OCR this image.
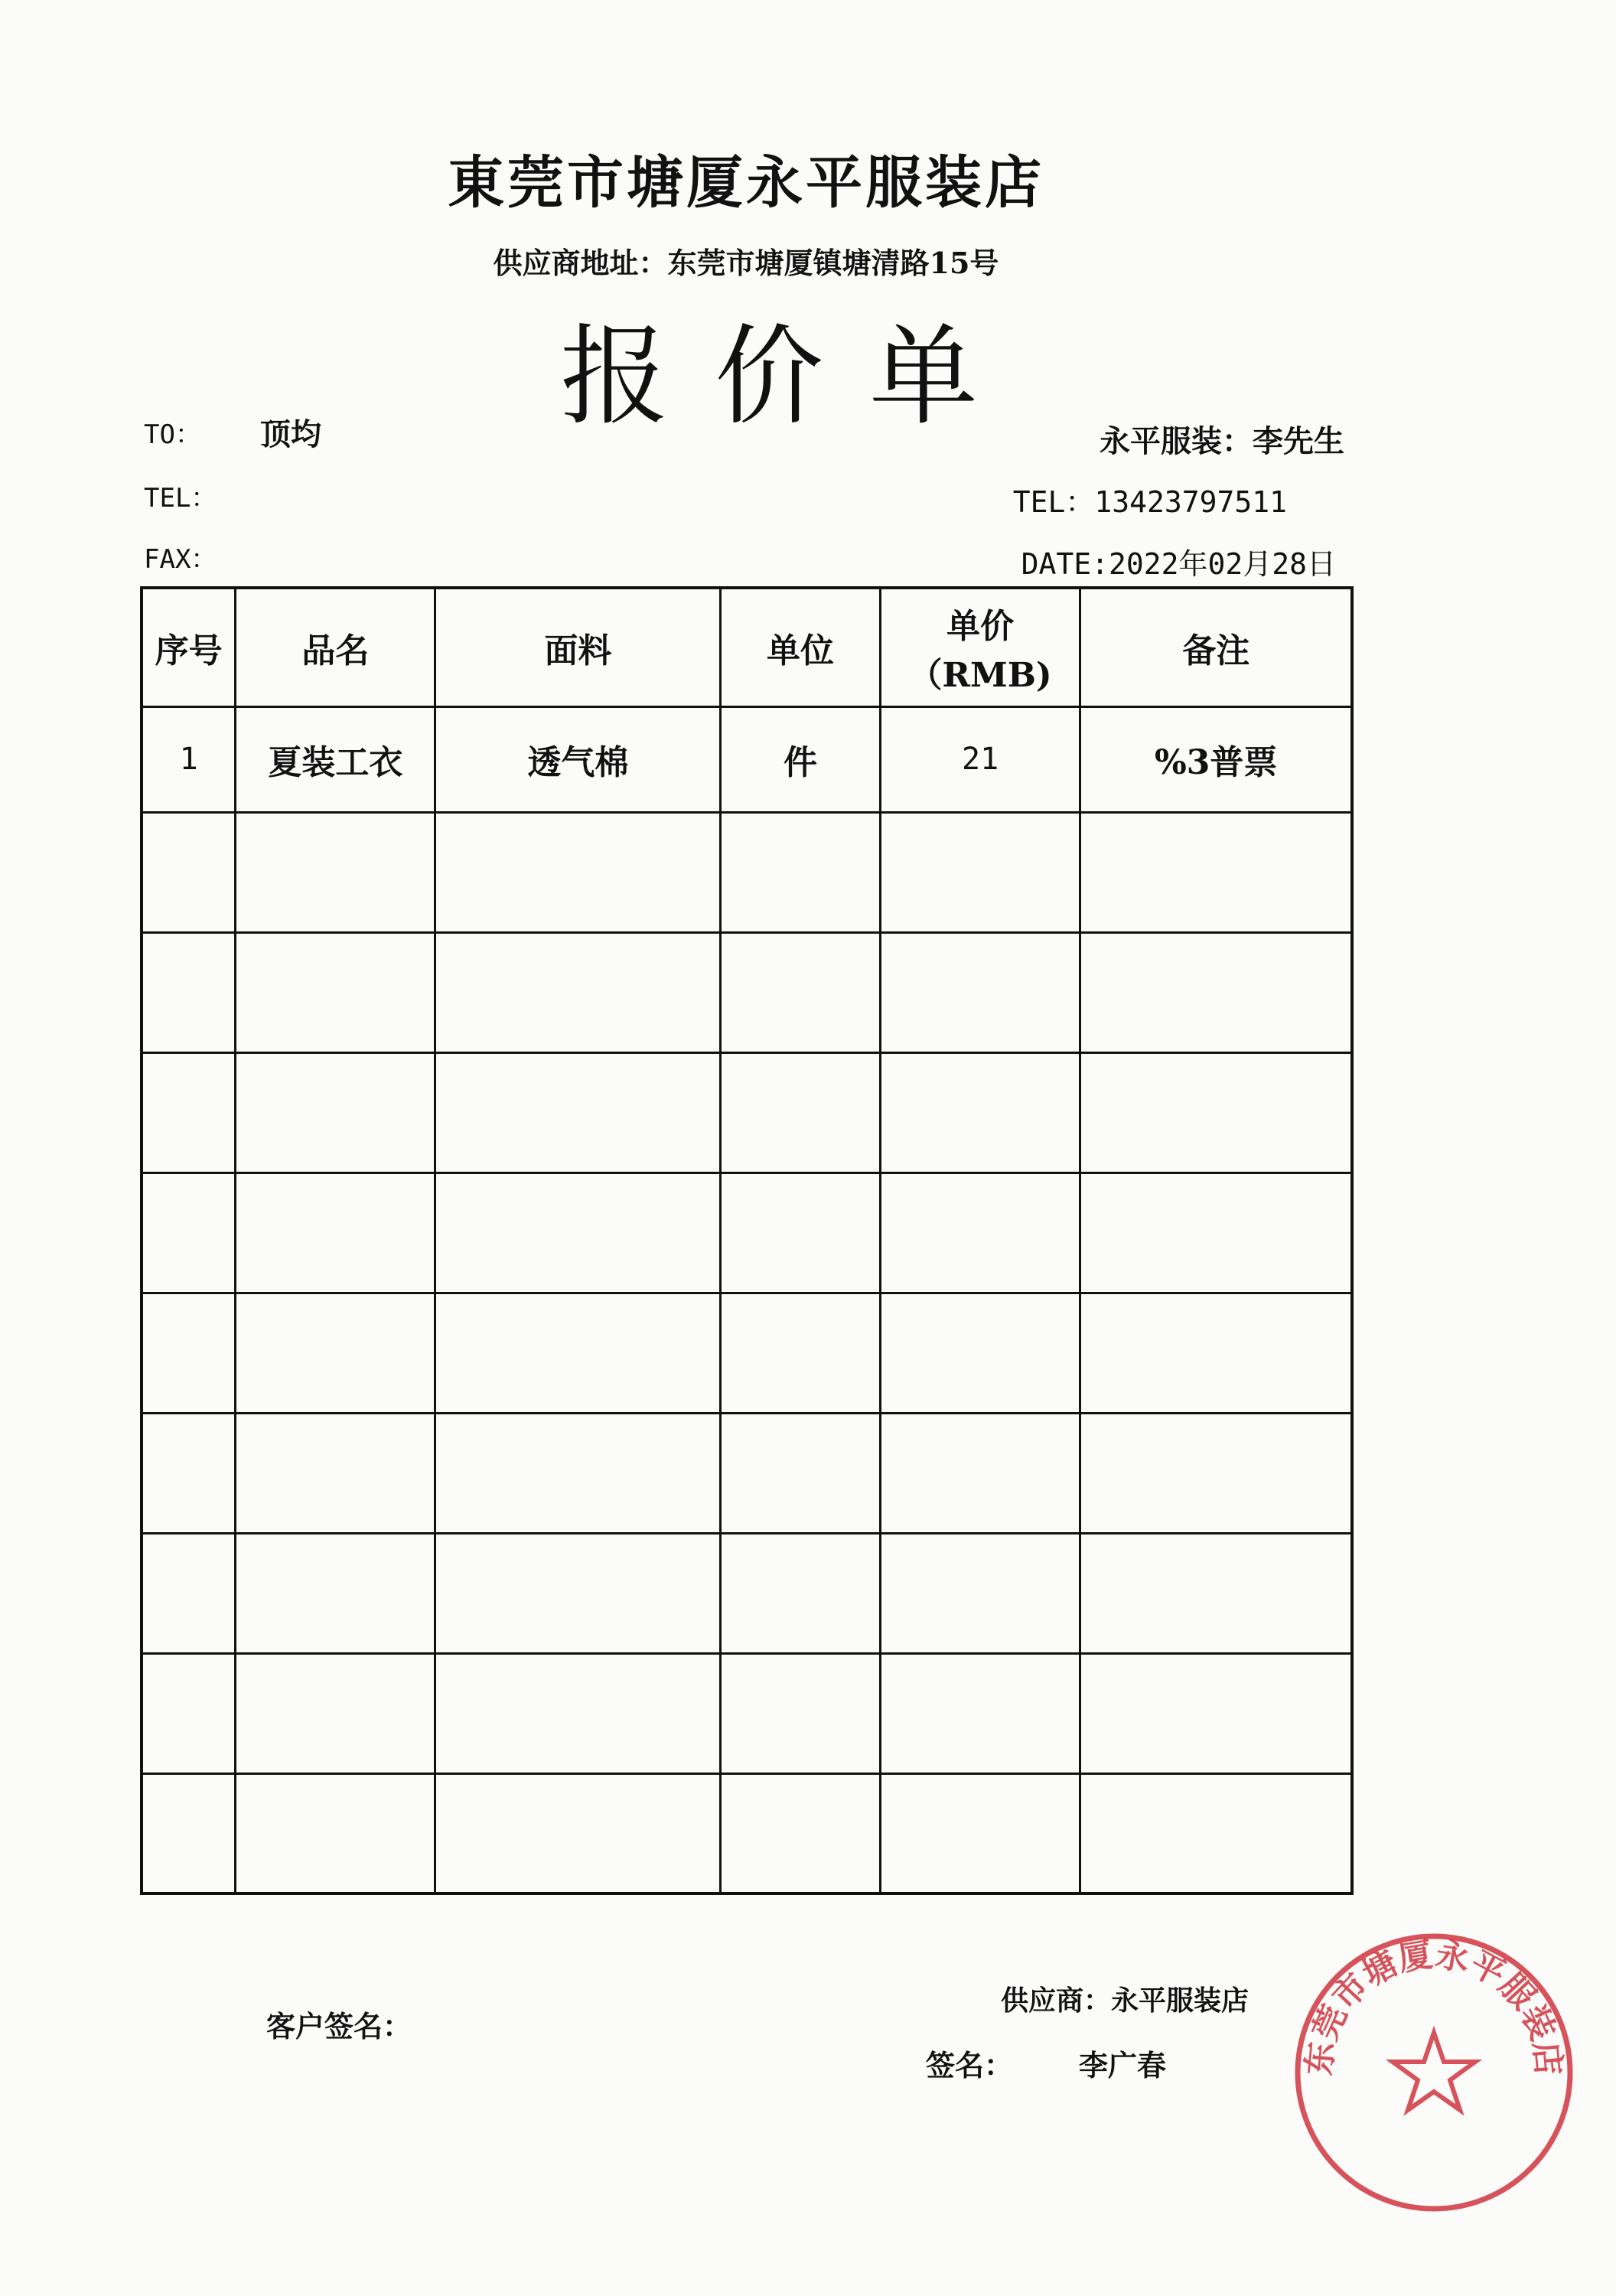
東莞市塘厦永平服装店
供应商地址：东莞市塘厦镇塘清路15号
报价单
TO： 顶均
TEL：
FAX：
永平服装：李先生
TEL：13423797511
DATE:2022年02月28日
序号	品名	面料	单位	单价（RMB)	备注
1	夏装工衣	透气棉	件	21	%3普票

客户签名：
供应商：永平服装店
签名： 李广春	东莞市塘厦永平服装店
